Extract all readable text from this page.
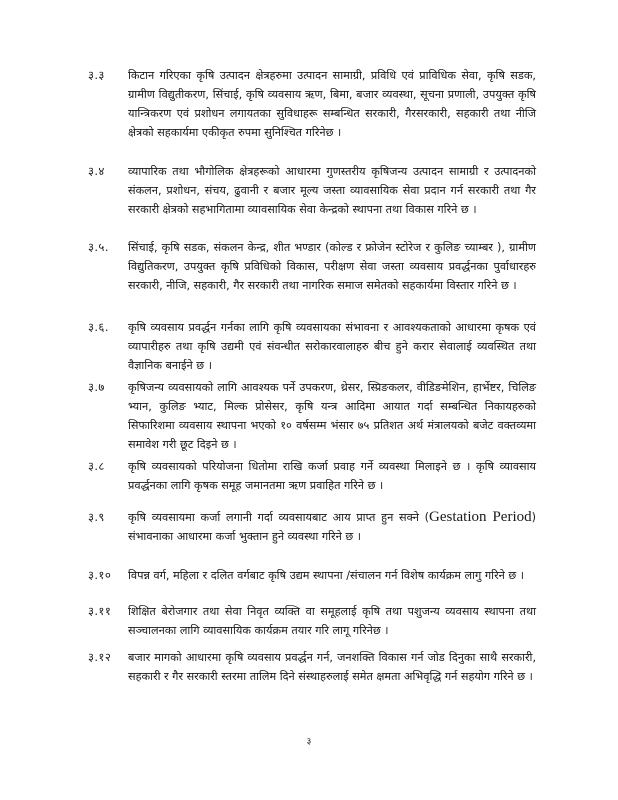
३.३	किटान गरिएका कृषि उत्पादन क्षेत्रहरुमा उत्पादन सामाग्री, प्रविधि एवं प्राविधिक सेवा, कृषि सडक, ग्रामीण विद्युतीकरण, सिंचाई, कृषि व्यवसाय ऋण, बिमा, बजार व्यवस्था, सूचना प्रणाली, उपयुक्त कृषि यान्त्रिकरण एवं प्रशोधन लगायतका सुविधाहरू सम्बन्धित सरकारी, गैरसरकारी, सहकारी तथा नीजि क्षेत्रको सहकार्यमा एकीकृत रुपमा सुनिश्चित गरिनेछ ।
३.४	व्यापारिक तथा भौगोलिक क्षेत्रहरूको आधारमा गुणस्तरीय कृषिजन्य उत्पादन सामाग्री र उत्पादनको संकलन, प्रशोधन, संचय, ढुवानी र बजार मूल्य जस्ता व्यावसायिक सेवा प्रदान गर्न सरकारी तथा गैर सरकारी क्षेत्रको सहभागितामा व्यावसायिक सेवा केन्द्रको स्थापना तथा विकास गरिने छ ।
३.५.	सिंचाई, कृषि सडक, संकलन केन्द्र, शीत भण्डार (कोल्ड र फ्रोजेन स्टोरेज र कुलिङ च्याम्बर ), ग्रामीण विद्युतिकरण, उपयुक्त कृषि प्रविधिको विकास, परीक्षण सेवा जस्ता व्यवसाय प्रवर्द्धनका पुर्वाधारहरु सरकारी, नीजि, सहकारी, गैर सरकारी तथा नागरिक समाज समेतको सहकार्यमा विस्तार गरिने छ ।
३.६.	कृषि व्यवसाय प्रवर्द्धन गर्नका लागि कृषि व्यवसायका संभावना र आवश्यकताको आधारमा कृषक एवं व्यापारीहरु तथा कृषि उद्यमी एवं संवन्धीत सरोकारवालाहरु बीच हुने करार सेवालाई व्यवस्थित तथा वैज्ञानिक बनाईने छ ।
३.७	कृषिजन्य व्यवसायको लागि आवश्यक पर्ने उपकरण, थ्रेसर, स्प्रिङकलर, वीडिङमेशिन, हार्भेष्टर, चिलिङ भ्यान, कुलिङ भ्याट, मिल्क प्रोसेसर, कृषि यन्त्र आदिमा आयात गर्दा सम्बन्धित निकायहरुको सिफारिशमा व्यवसाय स्थापना भएको १० वर्षसम्म भंसार ७५ प्रतिशत अर्थ मंत्रालयको बजेट वक्तव्यमा समावेश गरी छूट दिइने छ ।
३.८	कृषि व्यवसायको परियोजना धितोमा राखि कर्जा प्रवाह गर्ने व्यवस्था मिलाइने छ । कृषि व्यावसाय प्रवर्द्धनका लागि कृषक समूह जमानतमा ऋण प्रवाहित गरिने छ ।
३.९	कृषि व्यवसायमा कर्जा लगानी गर्दा व्यवसायबाट आय प्राप्त हुन सक्ने (Gestation Period) संभावनाका आधारमा कर्जा भुक्तान हुने व्यवस्था गरिने छ ।
३.१०	विपन्न वर्ग, महिला र दलित वर्गबाट कृषि उद्यम स्थापना /संचालन गर्न विशेष कार्यक्रम लागु गरिने छ ।
३.११	शिक्षित बेरोजगार तथा सेवा निवृत व्यक्ति वा समूहलाई कृषि तथा पशुजन्य व्यवसाय स्थापना तथा सञ्चालनका लागि व्यावसायिक कार्यक्रम तयार गरि लागू गरिनेछ ।
३.१२	बजार मागको आधारमा कृषि व्यवसाय प्रवर्द्धन गर्न, जनशक्ति विकास गर्न जोड दिनुका साथै सरकारी, सहकारी र गैर सरकारी स्तरमा तालिम दिने संस्थाहरुलाई समेत क्षमता अभिवृद्धि गर्न सहयोग गरिने छ ।
३
